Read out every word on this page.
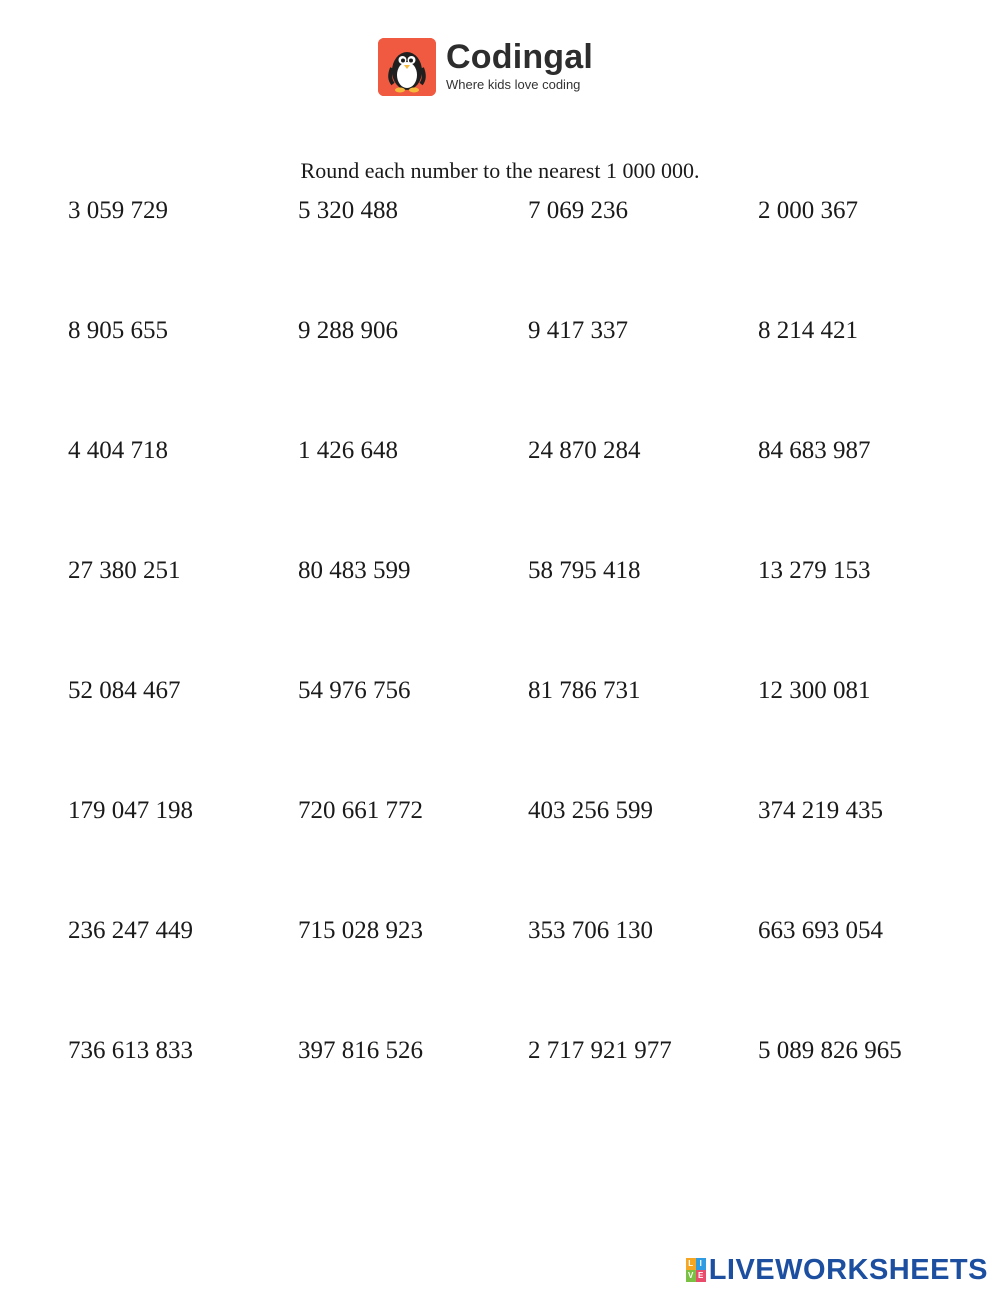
Codingal
Where kids love coding
Round each number to the nearest 1 000 000.
3 059 729	5 320 488	7 069 236	2 000 367
8 905 655	9 288 906	9 417 337	8 214 421
4 404 718	1 426 648	24 870 284	84 683 987
27 380 251	80 483 599	58 795 418	13 279 153
52 084 467	54 976 756	81 786 731	12 300 081
179 047 198	720 661 772	403 256 599	374 219 435
236 247 449	715 028 923	353 706 130	663 693 054
736 613 833	397 816 526	2 717 921 977	5 089 826 965
L I
V E LIVEWORKSHEETS
